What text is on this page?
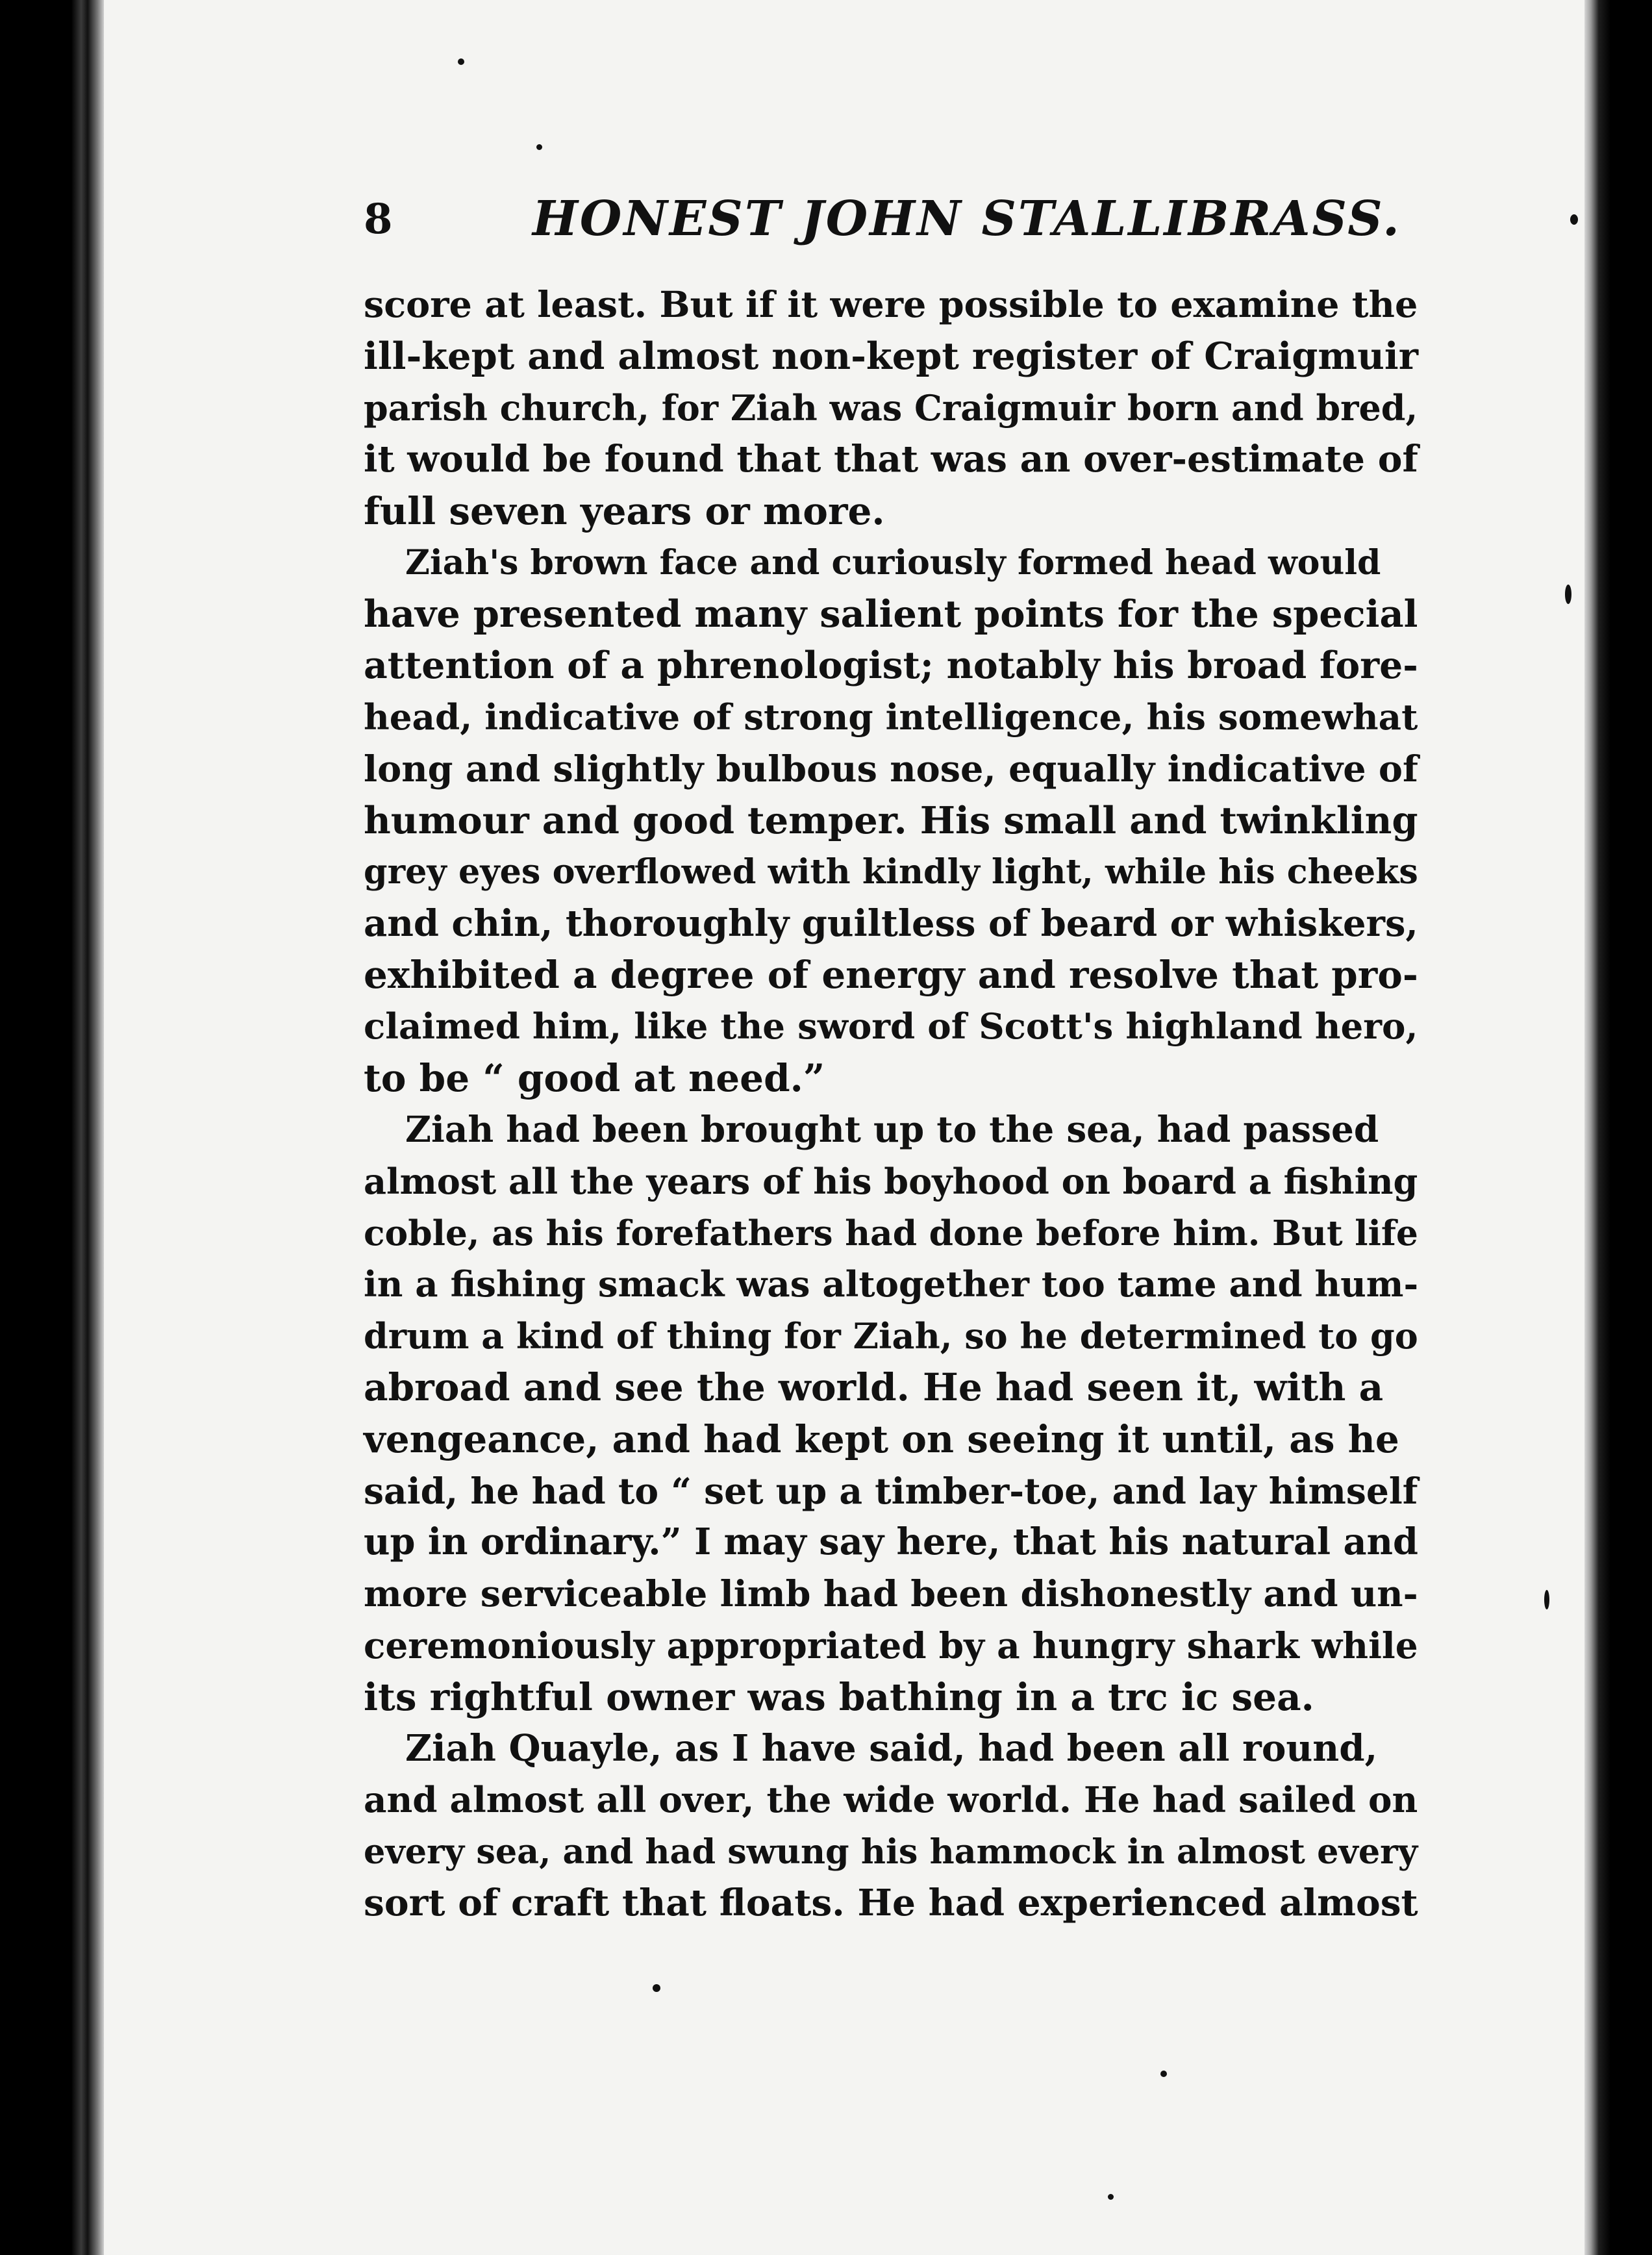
8	HONEST JOHN STALLIBRASS.
score at least. But if it were possible to examine the
ill-kept and almost non-kept register of Craigmuir
parish church, for Ziah was Craigmuir born and bred,
it would be found that that was an over-estimate of
full seven years or more.
Ziah's brown face and curiously formed head would
have presented many salient points for the special
attention of a phrenologist; notably his broad fore-
head, indicative of strong intelligence, his somewhat
long and slightly bulbous nose, equally indicative of
humour and good temper. His small and twinkling
grey eyes overflowed with kindly light, while his cheeks
and chin, thoroughly guiltless of beard or whiskers,
exhibited a degree of energy and resolve that pro-
claimed him, like the sword of Scott's highland hero,
to be “ good at need.”
Ziah had been brought up to the sea, had passed
almost all the years of his boyhood on board a fishing
coble, as his forefathers had done before him. But life
in a fishing smack was altogether too tame and hum-
drum a kind of thing for Ziah, so he determined to go
abroad and see the world. He had seen it, with a
vengeance, and had kept on seeing it until, as he
said, he had to “ set up a timber-toe, and lay himself
up in ordinary.” I may say here, that his natural and
more serviceable limb had been dishonestly and un-
ceremoniously appropriated by a hungry shark while
its rightful owner was bathing in a trc ic sea.
Ziah Quayle, as I have said, had been all round,
and almost all over, the wide world. He had sailed on
every sea, and had swung his hammock in almost every
sort of craft that floats. He had experienced almost
